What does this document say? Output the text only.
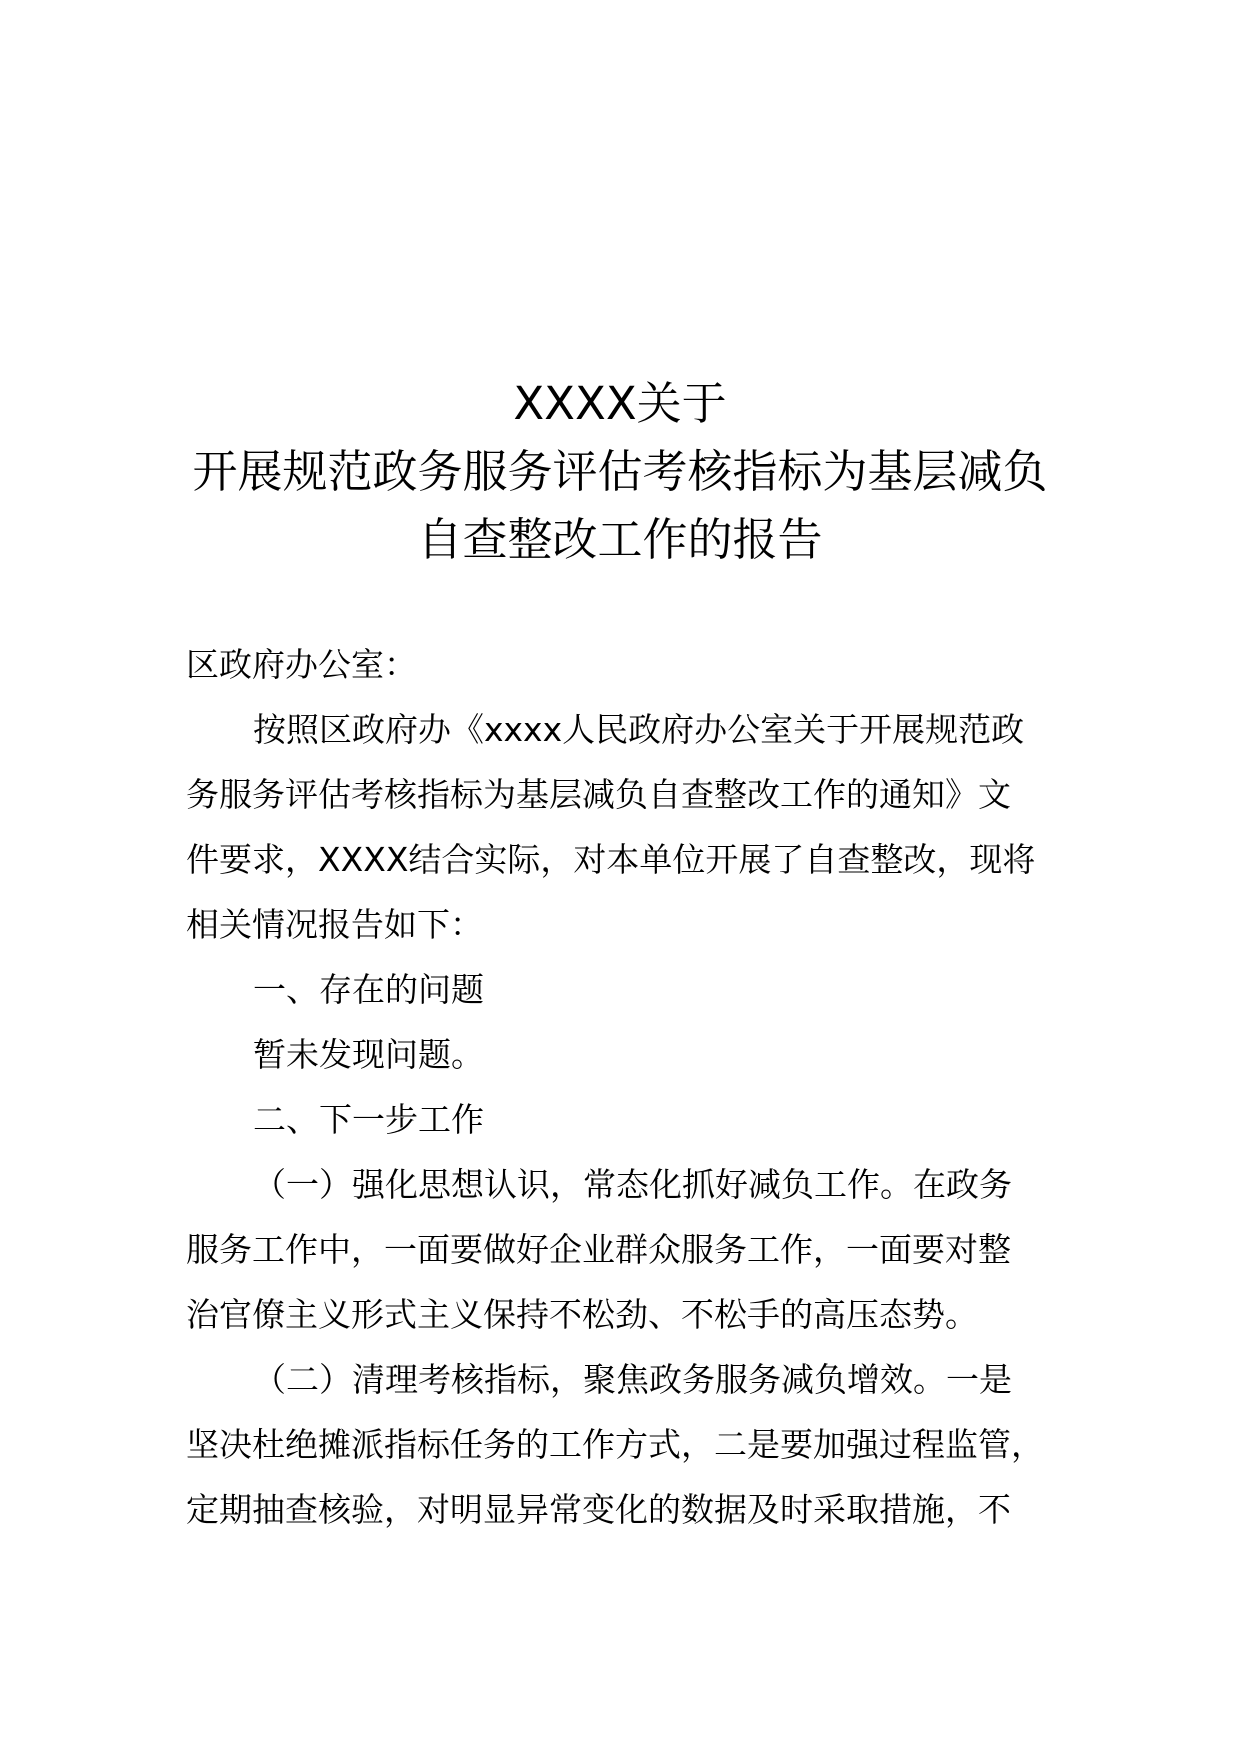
XXXX关于
开展规范政务服务评估考核指标为基层减负
自查整改工作的报告
区政府办公室：
按照区政府办《xxxx人民政府办公室关于开展规范政
务服务评估考核指标为基层减负自查整改工作的通知》文
件要求，XXXX结合实际，对本单位开展了自查整改，现将
相关情况报告如下：
一、存在的问题
暂未发现问题。
二、下一步工作
（一）强化思想认识，常态化抓好减负工作。在政务
服务工作中，一面要做好企业群众服务工作，一面要对整
治官僚主义形式主义保持不松劲、不松手的高压态势。
（二）清理考核指标，聚焦政务服务减负增效。一是
坚决杜绝摊派指标任务的工作方式，二是要加强过程监管，
定期抽查核验，对明显异常变化的数据及时采取措施，不
